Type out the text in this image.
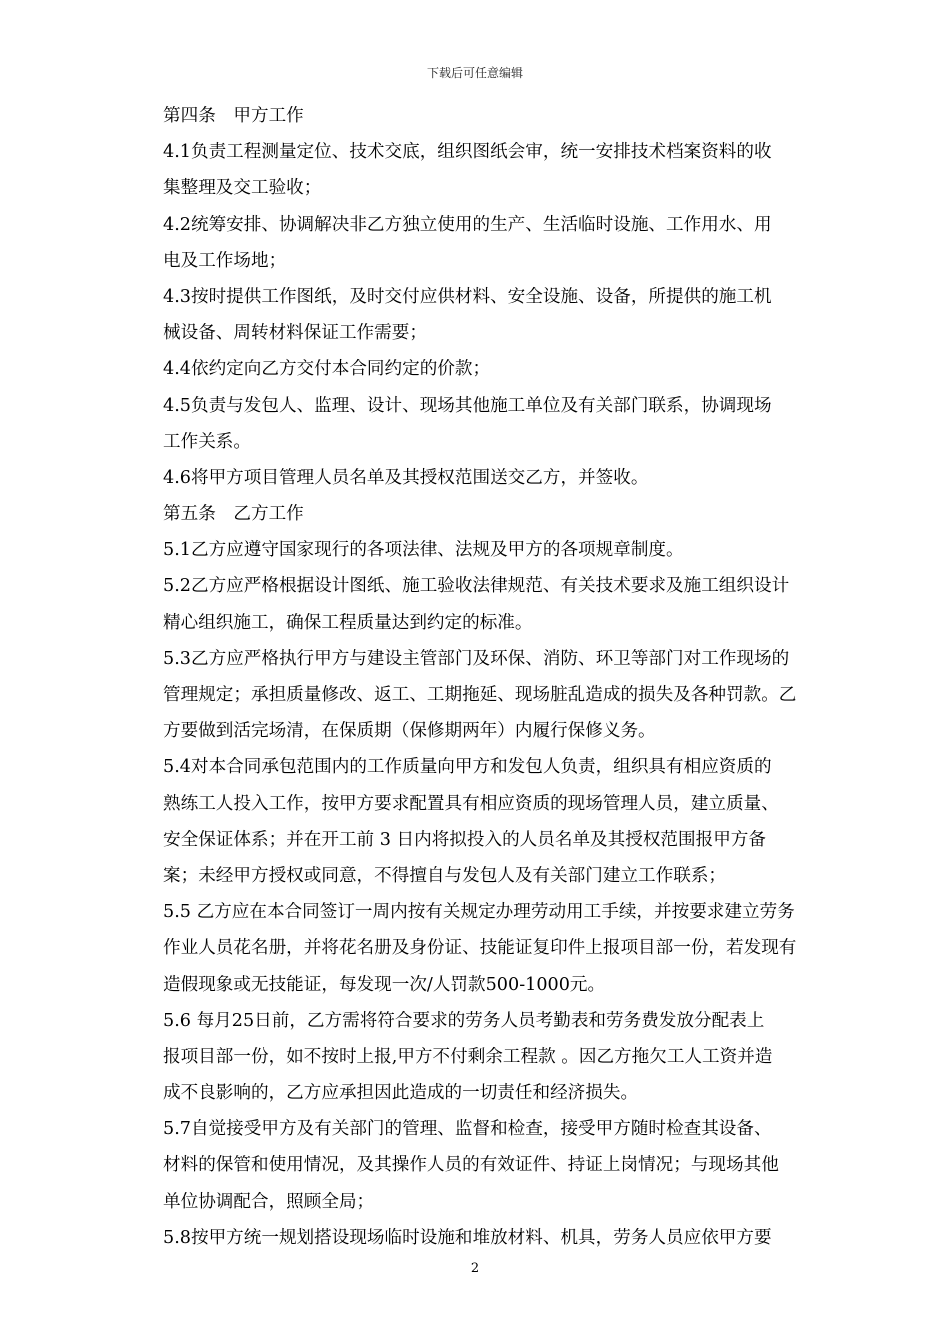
下载后可任意编辑
第四条　甲方工作
4.1负责工程测量定位、技术交底，组织图纸会审，统一安排技术档案资料的收
集整理及交工验收；
4.2统筹安排、协调解决非乙方独立使用的生产、生活临时设施、工作用水、用
电及工作场地；
4.3按时提供工作图纸，及时交付应供材料、安全设施、设备，所提供的施工机
械设备、周转材料保证工作需要；
4.4依约定向乙方交付本合同约定的价款；
4.5负责与发包人、监理、设计、现场其他施工单位及有关部门联系，协调现场
工作关系。
4.6将甲方项目管理人员名单及其授权范围送交乙方，并签收。
第五条　乙方工作
5.1乙方应遵守国家现行的各项法律、法规及甲方的各项规章制度。
5.2乙方应严格根据设计图纸、施工验收法律规范、有关技术要求及施工组织设计
精心组织施工，确保工程质量达到约定的标准。
5.3乙方应严格执行甲方与建设主管部门及环保、消防、环卫等部门对工作现场的
管理规定；承担质量修改、返工、工期拖延、现场脏乱造成的损失及各种罚款。乙
方要做到活完场清，在保质期（保修期两年）内履行保修义务。
5.4对本合同承包范围内的工作质量向甲方和发包人负责，组织具有相应资质的
熟练工人投入工作，按甲方要求配置具有相应资质的现场管理人员，建立质量、
安全保证体系；并在开工前 3 日内将拟投入的人员名单及其授权范围报甲方备
案；未经甲方授权或同意，不得擅自与发包人及有关部门建立工作联系；
5.5 乙方应在本合同签订一周内按有关规定办理劳动用工手续，并按要求建立劳务
作业人员花名册，并将花名册及身份证、技能证复印件上报项目部一份，若发现有
造假现象或无技能证，每发现一次/人罚款500-1000元。
5.6 每月25日前，乙方需将符合要求的劳务人员考勤表和劳务费发放分配表上
报项目部一份，如不按时上报,甲方不付剩余工程款 。因乙方拖欠工人工资并造
成不良影响的，乙方应承担因此造成的一切责任和经济损失。
5.7自觉接受甲方及有关部门的管理、监督和检查，接受甲方随时检查其设备、
材料的保管和使用情况，及其操作人员的有效证件、持证上岗情况；与现场其他
单位协调配合，照顾全局；
5.8按甲方统一规划搭设现场临时设施和堆放材料、机具，劳务人员应依甲方要
2
